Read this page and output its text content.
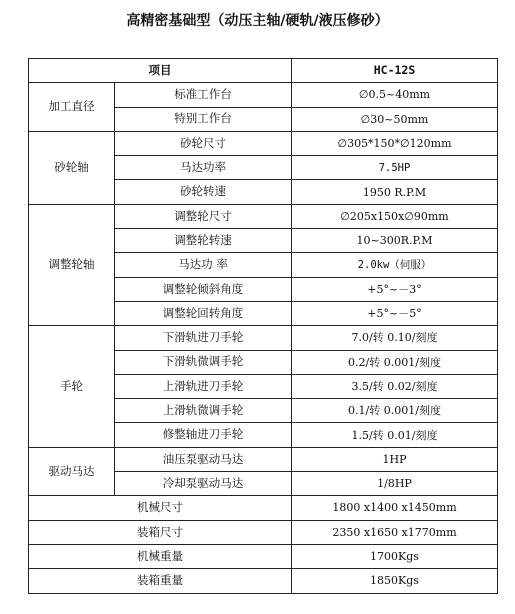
高精密基础型（动压主轴/硬轨/液压修砂）
项目		HC-12S
加工直径	标准工作台	∅0.5~40mm
	特别工作台	∅30~50mm
砂轮轴	砂轮尺寸	∅305*150*∅120mm
	马达功率	7.5HP
	砂轮转速	1950 R.P.M
调整轮轴	调整轮尺寸	∅205x150x∅90mm
	调整轮转速	10~300R.P.M
	马达功 率	2.0kw（伺服）
	调整轮倾斜角度	+5°~－3°
	调整轮回转角度	+5°~－5°
手轮	下滑轨进刀手轮	7.0/转 0.10/刻度
	下滑轨微调手轮	0.2/转 0.001/刻度
	上滑轨进刀手轮	3.5/转 0.02/刻度
	上滑轨微调手轮	0.1/转 0.001/刻度
	修整轴进刀手轮	1.5/转 0.01/刻度
驱动马达	油压泵驱动马达	1HP
	冷却泵驱动马达	1/8HP
机械尺寸		1800 x1400 x1450mm
装箱尺寸		2350 x1650 x1770mm
机械重量		1700Kgs
装箱重量		1850Kgs
